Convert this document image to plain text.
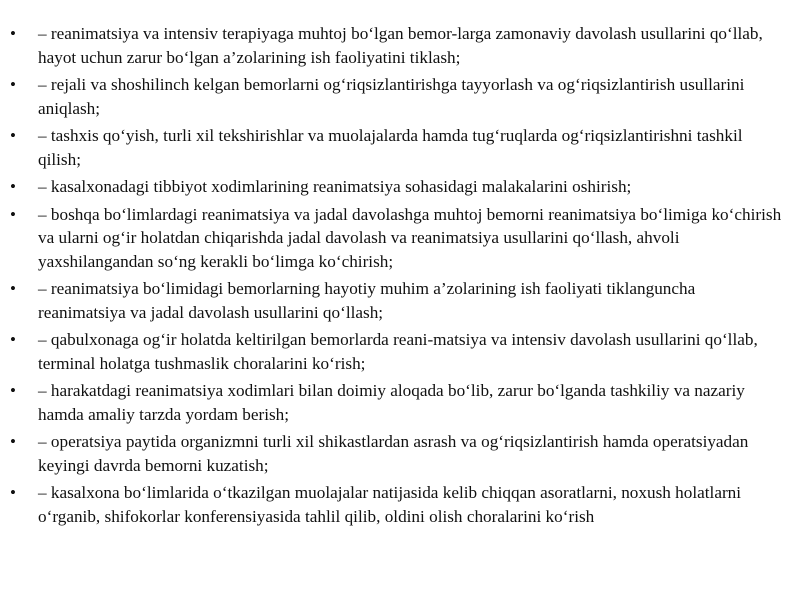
• – reanimatsiya va intensiv terapiyaga muhtoj bo‘lgan bemor-larga zamonaviy davolash usullarini qo‘llab, hayot uchun zarur bo‘lgan a’zolarining ish faoliyatini tiklash;
• – rejali va shoshilinch kelgan bemorlarni og‘riqsizlantirishga tayyorlash va og‘riqsizlantirish usullarini aniqlash;
• – tashxis qo‘yish, turli xil tekshirishlar va muolajalarda hamda tug‘ruqlarda og‘riqsizlantirishni tashkil qilish;
• – kasalxonadagi tibbiyot xodimlarining reanimatsiya sohasidagi malakalarini oshirish;
• – boshqa bo‘limlardagi reanimatsiya va jadal davolashga muhtoj bemorni reanimatsiya bo‘limiga ko‘chirish va ularni og‘ir holatdan chiqarishda jadal davolash va reanimatsiya usullarini qo‘llash, ahvoli yaxshilangandan so‘ng kerakli bo‘limga ko‘chirish;
• – reanimatsiya bo‘limidagi bemorlarning hayotiy muhim a’zolarining ish faoliyati tiklanguncha reanimatsiya va jadal davolash usullarini qo‘llash;
• – qabulxonaga og‘ir holatda keltirilgan bemorlarda reani-matsiya va intensiv davolash usullarini qo‘llab, terminal holatga tushmaslik choralarini ko‘rish;
• – harakatdagi reanimatsiya xodimlari bilan doimiy aloqada bo‘lib, zarur bo‘lganda tashkiliy va nazariy hamda amaliy tarzda yordam berish;
• – operatsiya paytida organizmni turli xil shikastlardan asrash va og‘riqsizlantirish hamda operatsiyadan keyingi davrda bemorni kuzatish;
• – kasalxona bo‘limlarida o‘tkazilgan muolajalar natijasida kelib chiqqan asoratlarni, noxush holatlarni o‘rganib, shifokorlar konferensiyasida tahlil qilib, oldini olish choralarini ko‘rish
